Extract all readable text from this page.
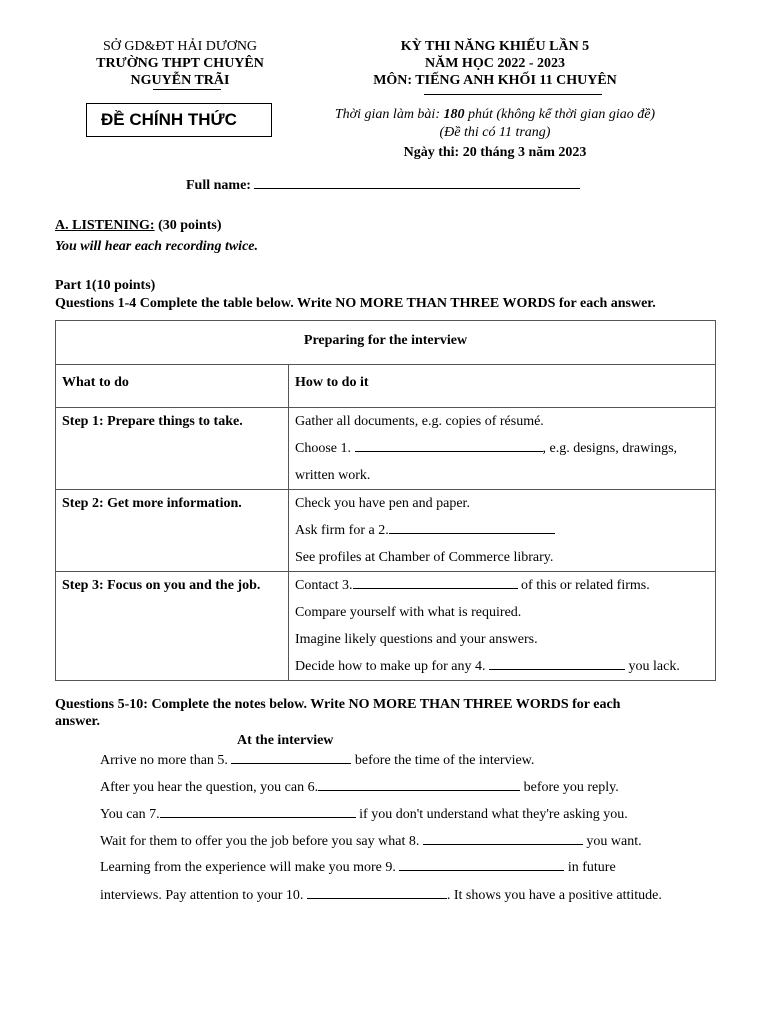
SỞ GD&ĐT HẢI DƯƠNG
TRƯỜNG THPT CHUYÊN
NGUYỄN TRÃI
KỲ THI NĂNG KHIẾU LẦN 5
NĂM HỌC 2022 - 2023
MÔN: TIẾNG ANH KHỐI 11 CHUYÊN
ĐỀ CHÍNH THỨC	Thời gian làm bài: 180 phút (không kể thời gian giao đề)
(Đề thi có 11 trang)
Ngày thi: 20 tháng 3 năm 2023
Full name:
A. LISTENING: (30 points)
You will hear each recording twice.
Part 1(10 points)
Questions 1-4 Complete the table below. Write NO MORE THAN THREE WORDS for each answer.
Preparing for the interview	
What to do	How to do it

Step 1: Prepare things to take.	Gather all documents, e.g. copies of résumé.
Choose 1. , e.g. designs, drawings,
written work.

Step 2: Get more information.	Check you have pen and paper.
Ask firm for a 2.
See profiles at Chamber of Commerce library.

Step 3: Focus on you and the job.	Contact 3. of this or related firms.
Compare yourself with what is required.
Imagine likely questions and your answers.
Decide how to make up for any 4. you lack.
Questions 5-10: Complete the notes below. Write NO MORE THAN THREE WORDS for each
answer.
At the interview
Arrive no more than 5.	before the time of the interview.
After you hear the question, you can 6.	before you reply.
You can 7.	if you don't understand what they're asking you.
Wait for them to offer you the job before you say what 8.	you want.
Learning from the experience will make you more 9.	in future
interviews. Pay attention to your 10.	. It shows you have a positive attitude.
